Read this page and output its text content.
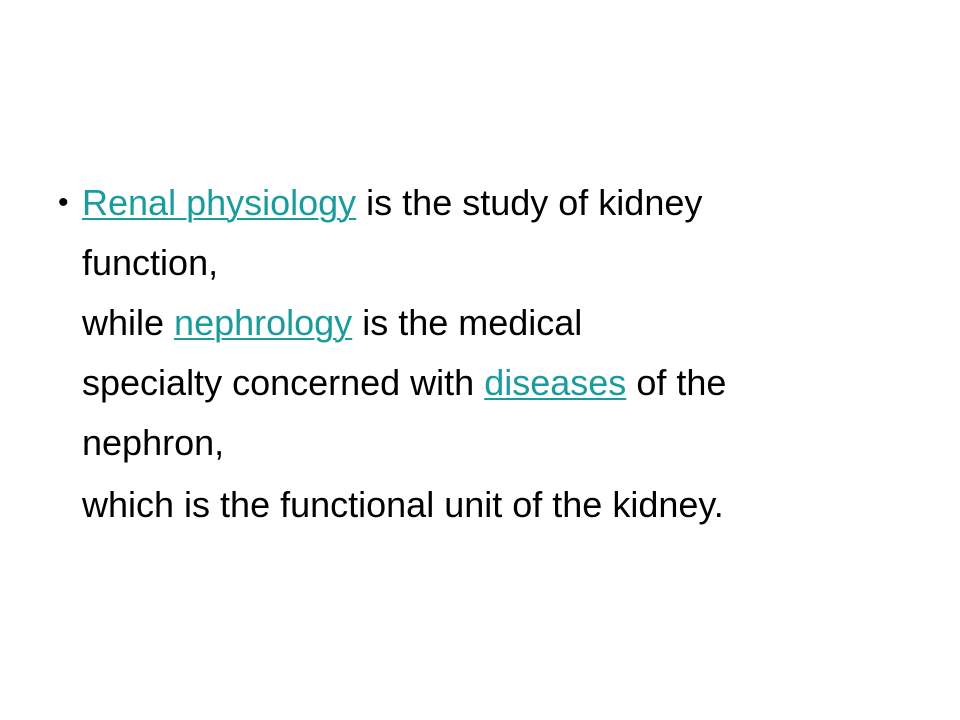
• Renal physiology is the study of kidney
function,
while nephrology is the medical
specialty concerned with diseases of the
nephron,
which is the functional unit of the kidney.
